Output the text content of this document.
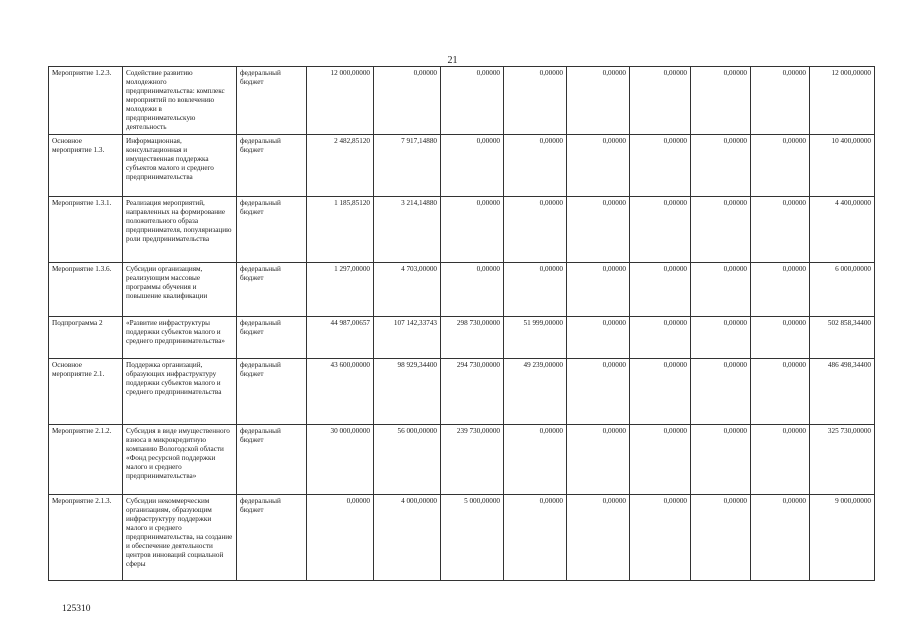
21
Мероприятие 1.2.3.	Содействие развитию молодежного предпринимательства: комплекс мероприятий по вовлечению молодежи в предпринимательскую деятельность	федеральный бюджет	12 000,00000	0,00000	0,00000	0,00000	0,00000	0,00000	0,00000	0,00000	12 000,00000
Основное мероприятие 1.3.	Информационная, консультационная и имущественная поддержка субъектов малого и среднего предпринимательства	федеральный бюджет	2 482,85120	7 917,14880	0,00000	0,00000	0,00000	0,00000	0,00000	0,00000	10 400,00000
Мероприятие 1.3.1.	Реализация мероприятий, направленных на формирование положительного образа предпринимателя, популяризацию роли предпринимательства	федеральный бюджет	1 185,85120	3 214,14880	0,00000	0,00000	0,00000	0,00000	0,00000	0,00000	4 400,00000
Мероприятие 1.3.6.	Субсидии организациям, реализующим массовые программы обучения и повышение квалификации	федеральный бюджет	1 297,00000	4 703,00000	0,00000	0,00000	0,00000	0,00000	0,00000	0,00000	6 000,00000
Подпрограмма 2	«Развитие инфраструктуры поддержки субъектов малого и среднего предпринимательства»	федеральный бюджет	44 987,00657	107 142,33743	298 730,00000	51 999,00000	0,00000	0,00000	0,00000	0,00000	502 858,34400
Основное мероприятие 2.1.	Поддержка организаций, образующих инфраструктуру поддержки субъектов малого и среднего предпринимательства	федеральный бюджет	43 600,00000	98 929,34400	294 730,00000	49 239,00000	0,00000	0,00000	0,00000	0,00000	486 498,34400
Мероприятие 2.1.2.	Субсидия в виде имущественного взноса в микрокредитную компанию Вологодской области «Фонд ресурсной поддержки малого и среднего предпринимательства»	федеральный бюджет	30 000,00000	56 000,00000	239 730,00000	0,00000	0,00000	0,00000	0,00000	0,00000	325 730,00000
Мероприятие 2.1.3.	Субсидии некоммерческим организациям, образующим инфраструктуру поддержки малого и среднего предпринимательства, на создание и обеспечение деятельности центров инноваций социальной сферы	федеральный бюджет	0,00000	4 000,00000	5 000,00000	0,00000	0,00000	0,00000	0,00000	0,00000	9 000,00000
125310
